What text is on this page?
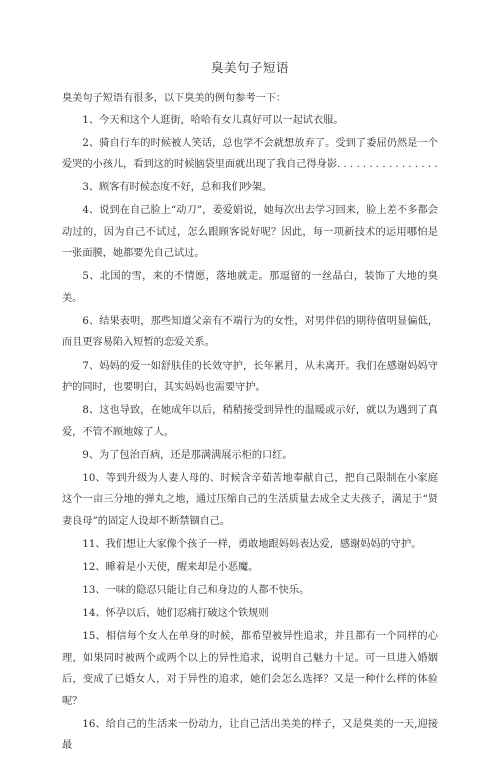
臭美句子短语

臭美句子短语有很多，以下臭美的例句参考一下：

1、今天和这个人逛街，哈哈有女儿真好可以一起试衣服。

2、骑自行车的时候被人笑话，总也学不会就想放弃了。受到了委屈仍然是一个爱哭的小孩儿，看到这的时候脑袋里面就出现了我自己得身影. . . . . . . . . . . . . . . .

3、顾客有时候态度不好，总和我们吵架。

4、说到在自己脸上“动刀”，姜爱娟说，她每次出去学习回来，脸上差不多都会动过的，因为自己不试过，怎么跟顾客说好呢？因此，每一项新技术的运用哪怕是一张面膜，她都要先自己试过。

5、北国的雪，来的不情愿，落地就走。那逗留的一丝晶白，装饰了大地的臭美。

6、结果表明，那些知道父亲有不端行为的女性，对男伴侣的期待值明显偏低，而且更容易陷入短暂的恋爱关系。

7、妈妈的爱一如舒肤佳的长效守护，长年累月，从未离开。我们在感谢妈妈守护的同时，也要明白，其实妈妈也需要守护。

8、这也导致，在她成年以后，稍稍接受到异性的温暖或示好，就以为遇到了真爱，不管不顾地嫁了人。

9、为了包治百病，还是那满满展示柜的口红。

10、等到升级为人妻人母的、时候含辛茹苦地奉献自己，把自己限制在小家庭这个一亩三分地的弹丸之地，通过压缩自己的生活质量去成全丈夫孩子，满足于“贤妻良母”的固定人设却不断禁锢自己。

11、我们想让大家像个孩子一样，勇敢地跟妈妈表达爱，感谢妈妈的守护。

12、睡着是小天使，醒来却是小恶魔。

13、一味的隐忍只能让自己和身边的人都不快乐。

14、怀孕以后，她们忍痛打破这个铁规则

15、相信每个女人在单身的时候，都希望被异性追求，并且都有一个同样的心理，如果同时被两个或两个以上的异性追求，说明自己魅力十足。可一旦进入婚姻后，变成了已婚女人，对于异性的追求，她们会怎么选择？又是一种什么样的体验呢？

16、给自己的生活来一份动力，让自己活出美美的样子，又是臭美的一天,迎接最
